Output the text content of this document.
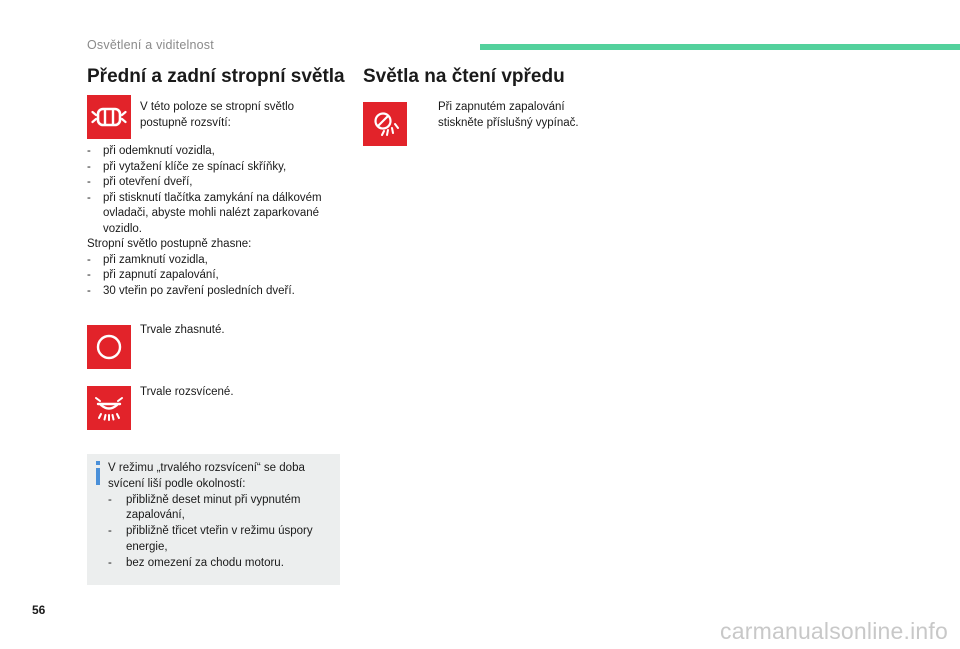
Osvětlení a viditelnost
Přední a zadní stropní světla
V této poloze se stropní světlo postupně rozsvítí:
- při odemknutí vozidla,
- při vytažení klíče ze spínací skříňky,
- při otevření dveří,
- při stisknutí tlačítka zamykání na dálkovém ovladači, abyste mohli nalézt zaparkované vozidlo.
Stropní světlo postupně zhasne:
- při zamknutí vozidla,
- při zapnutí zapalování,
- 30 vteřin po zavření posledních dveří.
Trvale zhasnuté.
Trvale rozsvícené.
V režimu „trvalého rozsvícení“ se doba svícení liší podle okolností:
- přibližně deset minut při vypnutém zapalování,
- přibližně třicet vteřin v režimu úspory energie,
- bez omezení za chodu motoru.
Světla na čtení vpředu
Při zapnutém zapalování stiskněte příslušný vypínač.
56
carmanualsonline.info
